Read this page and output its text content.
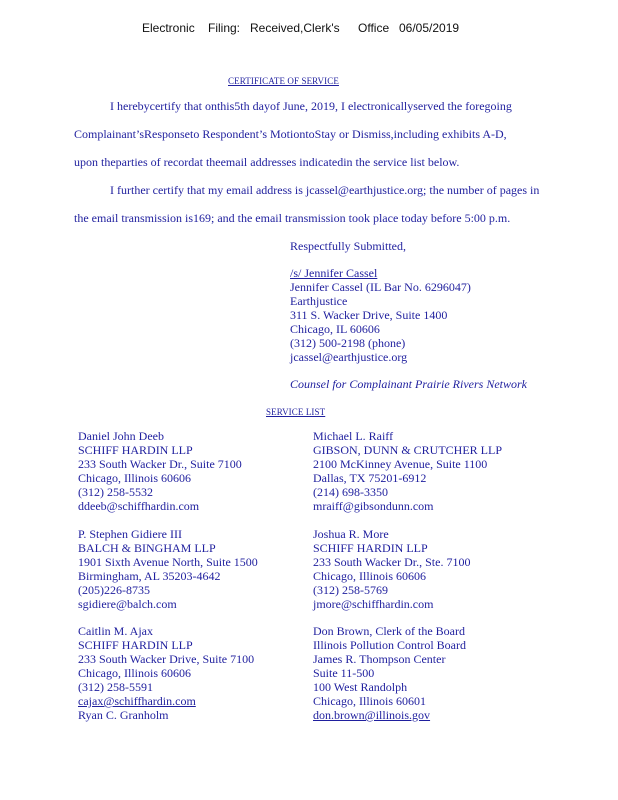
Electronic Filing: Received,Clerk's Office 06/05/2019
CERTIFICATE OF SERVICE
I herebycertify that onthis5th dayof June, 2019, I electronicallyserved the foregoing
Complainant’sResponseto Respondent’s MotiontoStay or Dismiss,including exhibits A-D,
upon theparties of recordat theemail addresses indicatedin the service list below.
I further certify that my email address is jcassel@earthjustice.org; the number of pages in
the email transmission is169; and the email transmission took place today before 5:00 p.m.
Respectfully Submitted,
/s/ Jennifer Cassel
Jennifer Cassel (IL Bar No. 6296047)
Earthjustice
311 S. Wacker Drive, Suite 1400
Chicago, IL 60606
(312) 500-2198 (phone)
jcassel@earthjustice.org
Counsel for Complainant Prairie Rivers Network
SERVICE LIST
Daniel John Deeb
SCHIFF HARDIN LLP
233 South Wacker Dr., Suite 7100
Chicago, Illinois 60606
(312) 258-5532
ddeeb@schiffhardin.com
Michael L. Raiff
GIBSON, DUNN & CRUTCHER LLP
2100 McKinney Avenue, Suite 1100
Dallas, TX 75201-6912
(214) 698-3350
mraiff@gibsondunn.com
P. Stephen Gidiere III
BALCH & BINGHAM LLP
1901 Sixth Avenue North, Suite 1500
Birmingham, AL 35203-4642
(205)226-8735
sgidiere@balch.com
Joshua R. More
SCHIFF HARDIN LLP
233 South Wacker Dr., Ste. 7100
Chicago, Illinois 60606
(312) 258-5769
jmore@schiffhardin.com
Caitlin M. Ajax
SCHIFF HARDIN LLP
233 South Wacker Drive, Suite 7100
Chicago, Illinois 60606
(312) 258-5591
cajax@schiffhardin.com
Ryan C. Granholm
Don Brown, Clerk of the Board
Illinois Pollution Control Board
James R. Thompson Center
Suite 11-500
100 West Randolph
Chicago, Illinois 60601
don.brown@illinois.gov
